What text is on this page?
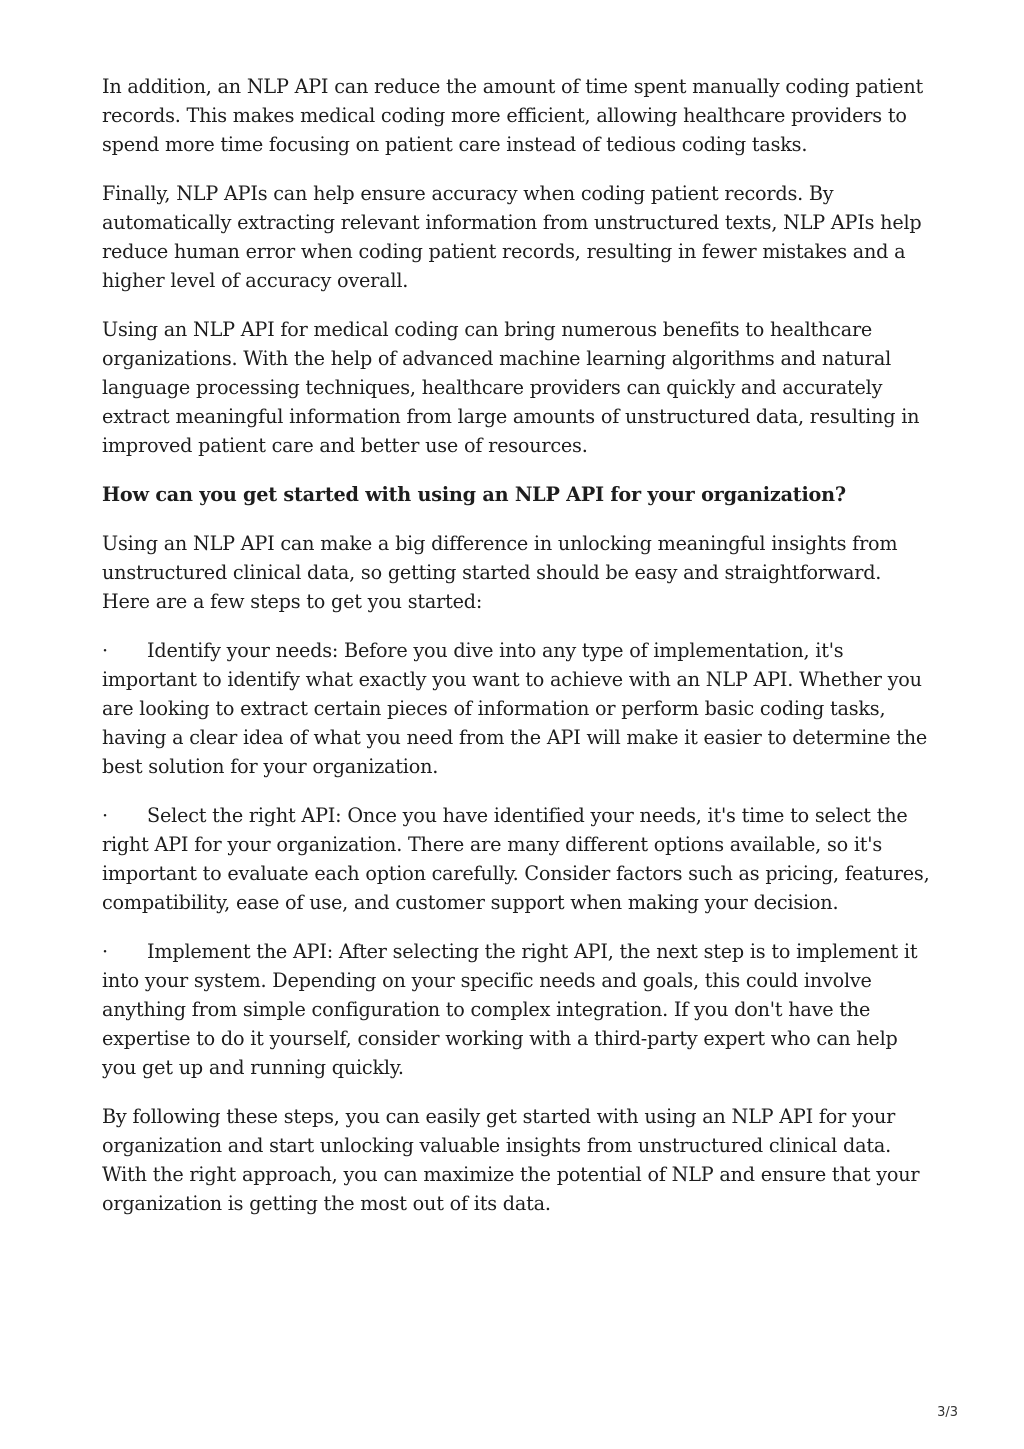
In addition, an NLP API can reduce the amount of time spent manually coding patient records. This makes medical coding more efficient, allowing healthcare providers to spend more time focusing on patient care instead of tedious coding tasks.

Finally, NLP APIs can help ensure accuracy when coding patient records. By automatically extracting relevant information from unstructured texts, NLP APIs help reduce human error when coding patient records, resulting in fewer mistakes and a higher level of accuracy overall.

Using an NLP API for medical coding can bring numerous benefits to healthcare organizations. With the help of advanced machine learning algorithms and natural language processing techniques, healthcare providers can quickly and accurately extract meaningful information from large amounts of unstructured data, resulting in improved patient care and better use of resources.

How can you get started with using an NLP API for your organization?

Using an NLP API can make a big difference in unlocking meaningful insights from unstructured clinical data, so getting started should be easy and straightforward. Here are a few steps to get you started:

· Identify your needs: Before you dive into any type of implementation, it's important to identify what exactly you want to achieve with an NLP API. Whether you are looking to extract certain pieces of information or perform basic coding tasks, having a clear idea of what you need from the API will make it easier to determine the best solution for your organization.

· Select the right API: Once you have identified your needs, it's time to select the right API for your organization. There are many different options available, so it's important to evaluate each option carefully. Consider factors such as pricing, features, compatibility, ease of use, and customer support when making your decision.

· Implement the API: After selecting the right API, the next step is to implement it into your system. Depending on your specific needs and goals, this could involve anything from simple configuration to complex integration. If you don't have the expertise to do it yourself, consider working with a third-party expert who can help you get up and running quickly.

By following these steps, you can easily get started with using an NLP API for your organization and start unlocking valuable insights from unstructured clinical data. With the right approach, you can maximize the potential of NLP and ensure that your organization is getting the most out of its data.

3/3
